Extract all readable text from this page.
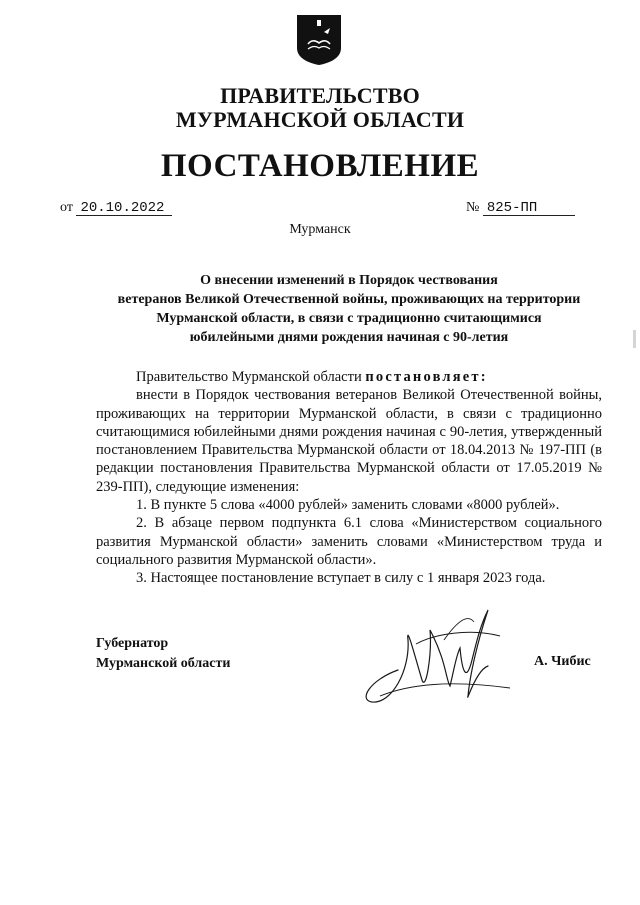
ПРАВИТЕЛЬСТВО
МУРМАНСКОЙ ОБЛАСТИ
ПОСТАНОВЛЕНИЕ
от 20.10.2022	№ 825-ПП
Мурманск
О внесении изменений в Порядок чествования
ветеранов Великой Отечественной войны, проживающих на территории
Мурманской области, в связи с традиционно считающимися
юбилейными днями рождения начиная с 90-летия

Правительство Мурманской области постановляет:

внести в Порядок чествования ветеранов Великой Отечественной войны, проживающих на территории Мурманской области, в связи с традиционно считающимися юбилейными днями рождения начиная с 90-летия, утвержденный постановлением Правительства Мурманской области от 18.04.2013 № 197-ПП (в редакции постановления Правительства Мурманской области от 17.05.2019 № 239-ПП), следующие изменения:

1. В пункте 5 слова «4000 рублей» заменить словами «8000 рублей».

2. В абзаце первом подпункта 6.1 слова «Министерством социального развития Мурманской области» заменить словами «Министерством труда и социального развития Мурманской области».

3. Настоящее постановление вступает в силу с 1 января 2023 года.

Губернатор
Мурманской области	А. Чибис
